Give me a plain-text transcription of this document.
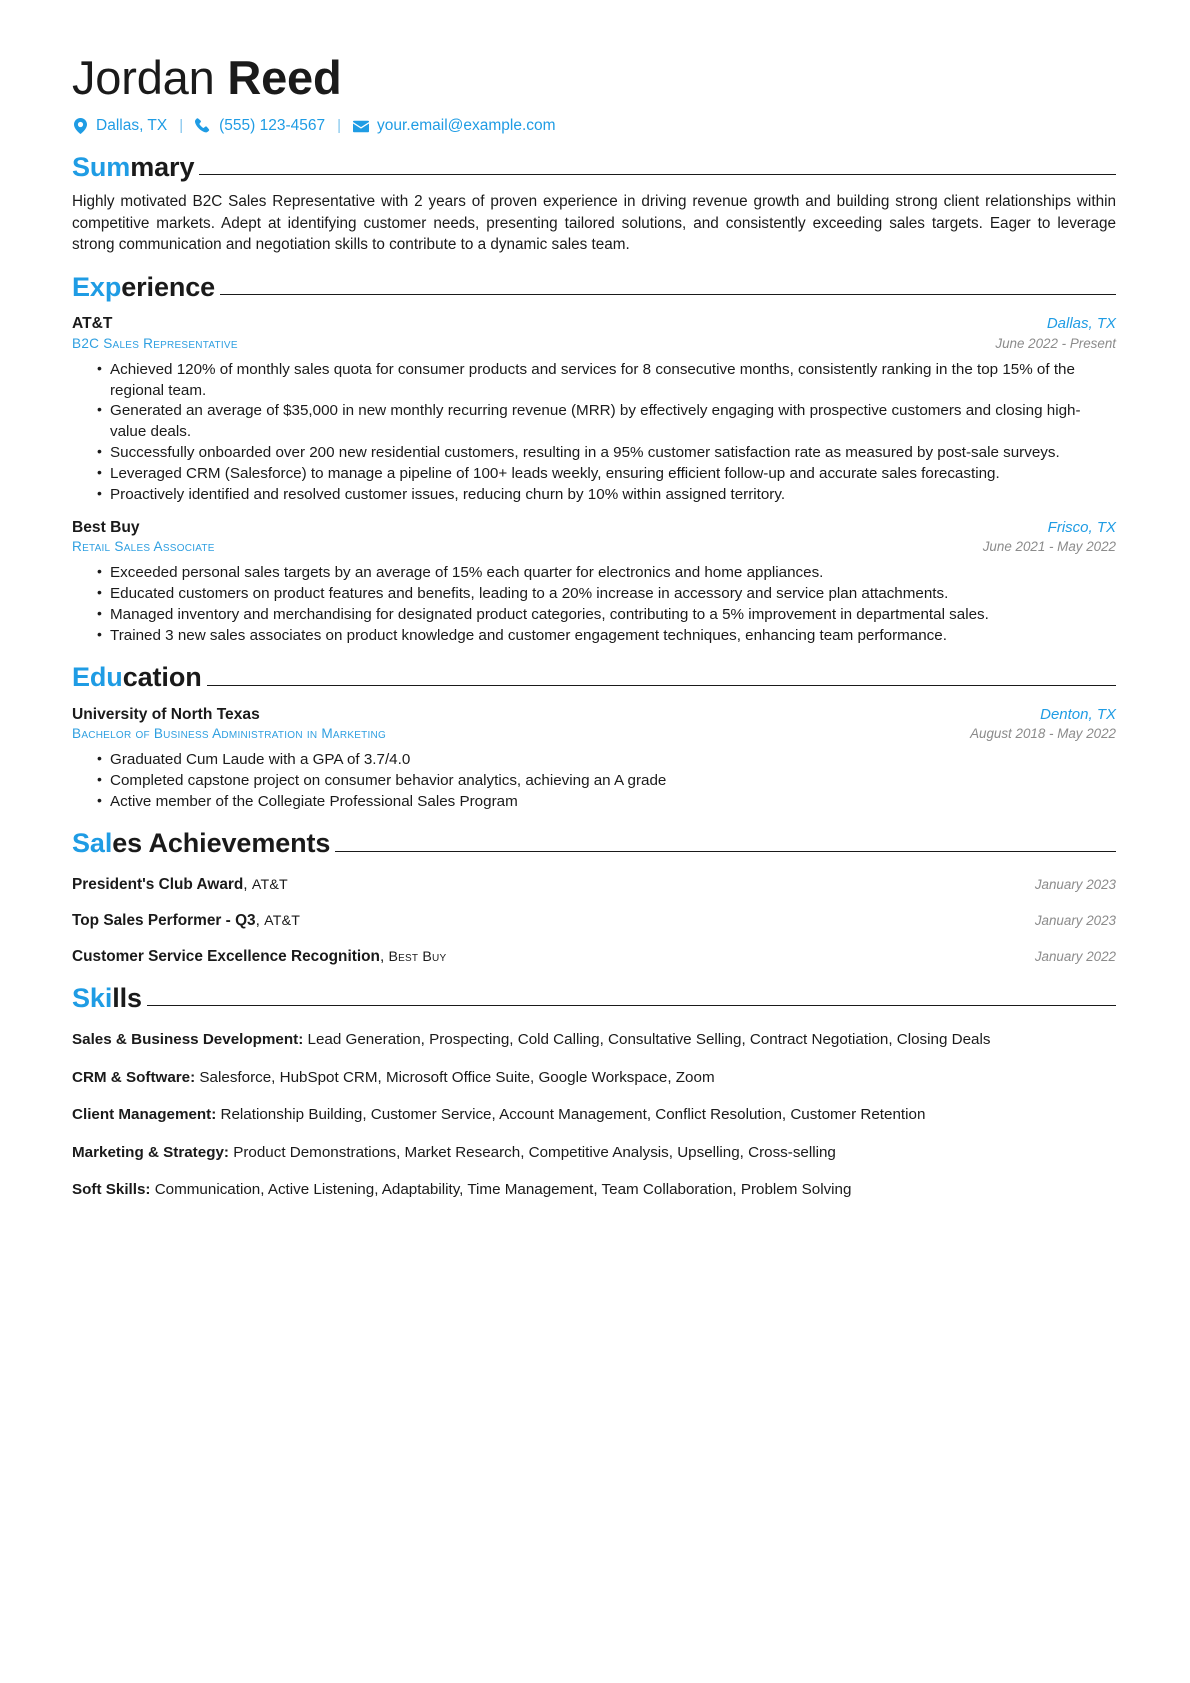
Jordan Reed
Dallas, TX |	(555) 123-4567 |	your.email@example.com
Summary

Highly motivated B2C Sales Representative with 2 years of proven experience in driving revenue growth and building strong client relationships within competitive markets. Adept at identifying customer needs, presenting tailored solutions, and consistently exceeding sales targets. Eager to leverage strong communication and negotiation skills to contribute to a dynamic sales team.

Experience
AT&T	Dallas, TX
B2C Sales Representative	June 2022 - Present
• Achieved 120% of monthly sales quota for consumer products and services for 8 consecutive months, consistently ranking in the top 15% of the regional team.
• Generated an average of $35,000 in new monthly recurring revenue (MRR) by effectively engaging with prospective customers and closing high-value deals.
• Successfully onboarded over 200 new residential customers, resulting in a 95% customer satisfaction rate as measured by post-sale surveys.
• Leveraged CRM (Salesforce) to manage a pipeline of 100+ leads weekly, ensuring efficient follow-up and accurate sales forecasting.
• Proactively identified and resolved customer issues, reducing churn by 10% within assigned territory.
Best Buy	Frisco, TX
Retail Sales Associate	June 2021 - May 2022
• Exceeded personal sales targets by an average of 15% each quarter for electronics and home appliances.
• Educated customers on product features and benefits, leading to a 20% increase in accessory and service plan attachments.
• Managed inventory and merchandising for designated product categories, contributing to a 5% improvement in departmental sales.
• Trained 3 new sales associates on product knowledge and customer engagement techniques, enhancing team performance.
Education
University of North Texas	Denton, TX
Bachelor of Business Administration in Marketing	August 2018 - May 2022
• Graduated Cum Laude with a GPA of 3.7/4.0
• Completed capstone project on consumer behavior analytics, achieving an A grade
• Active member of the Collegiate Professional Sales Program
Sales Achievements
President's Club Award, AT&T	January 2023
Top Sales Performer - Q3, AT&T	January 2023
Customer Service Excellence Recognition, Best Buy	January 2022
Skills
Sales & Business Development: Lead Generation, Prospecting, Cold Calling, Consultative Selling, Contract Negotiation, Closing Deals
CRM & Software: Salesforce, HubSpot CRM, Microsoft Office Suite, Google Workspace, Zoom
Client Management: Relationship Building, Customer Service, Account Management, Conflict Resolution, Customer Retention
Marketing & Strategy: Product Demonstrations, Market Research, Competitive Analysis, Upselling, Cross-selling
Soft Skills: Communication, Active Listening, Adaptability, Time Management, Team Collaboration, Problem Solving
